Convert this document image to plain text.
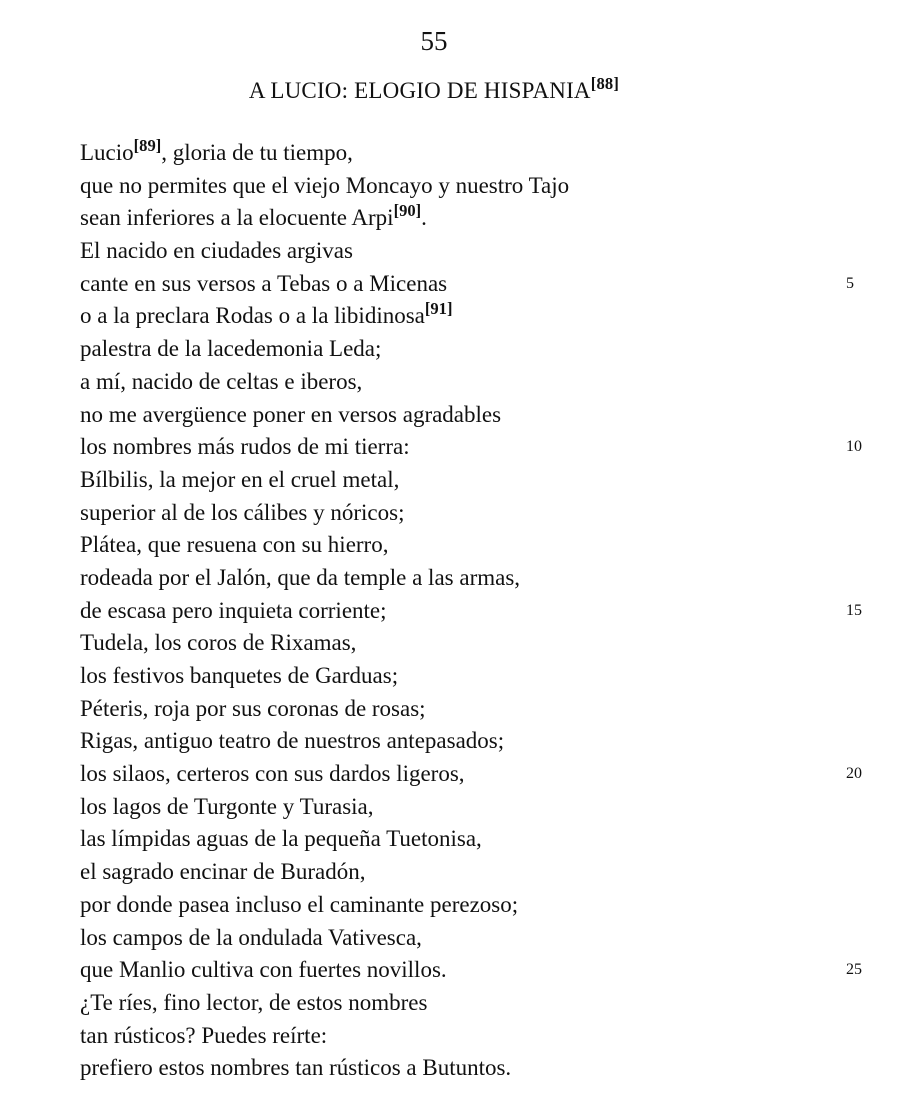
55
A LUCIO: ELOGIO DE HISPANIA[88]
Lucio[89], gloria de tu tiempo,
que no permites que el viejo Moncayo y nuestro Tajo
sean inferiores a la elocuente Arpi[90].
El nacido en ciudades argivas
cante en sus versos a Tebas o a Micenas	5
o a la preclara Rodas o a la libidinosa[91]
palestra de la lacedemonia Leda;
a mí, nacido de celtas e iberos,
no me avergüence poner en versos agradables
los nombres más rudos de mi tierra:	10
Bílbilis, la mejor en el cruel metal,
superior al de los cálibes y nóricos;
Plátea, que resuena con su hierro,
rodeada por el Jalón, que da temple a las armas,
de escasa pero inquieta corriente;	15
Tudela, los coros de Rixamas,
los festivos banquetes de Garduas;
Péteris, roja por sus coronas de rosas;
Rigas, antiguo teatro de nuestros antepasados;
los silaos, certeros con sus dardos ligeros,	20
los lagos de Turgonte y Turasia,
las límpidas aguas de la pequeña Tuetonisa,
el sagrado encinar de Buradón,
por donde pasea incluso el caminante perezoso;
los campos de la ondulada Vativesca,
que Manlio cultiva con fuertes novillos.	25
¿Te ríes, fino lector, de estos nombres
tan rústicos? Puedes reírte:
prefiero estos nombres tan rústicos a Butuntos.
